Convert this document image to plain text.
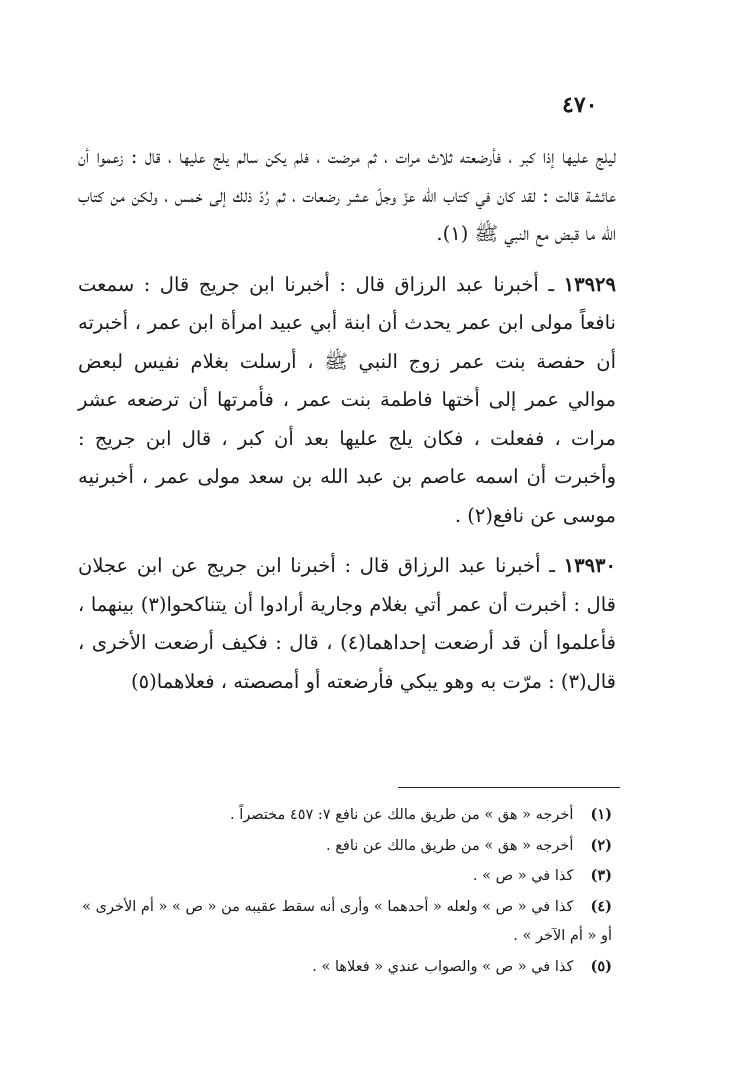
٤٧٠

ليلج عليها إذا كبر ، فأرضعته ثلاث مرات ، ثم مرضت ، فلم يكن سالم يلج عليها ، قال : زعموا أن عائشة قالت : لقد كان في كتاب الله عزّ وجلّ عشر رضعات ، ثم رُدّ ذلك إلى خمس ، ولكن من كتاب الله ما قبض مع النبي ﷺ (١).

١٣٩٢٩ ـ أخبرنا عبد الرزاق قال : أخبرنا ابن جريج قال : سمعت نافعاً مولى ابن عمر يحدث أن ابنة أبي عبيد امرأة ابن عمر ، أخبرته أن حفصة بنت عمر زوج النبي ﷺ ، أرسلت بغلام نفيس لبعض موالي عمر إلى أختها فاطمة بنت عمر ، فأمرتها أن ترضعه عشر مرات ، ففعلت ، فكان يلج عليها بعد أن كبر ، قال ابن جريج : وأخبرت أن اسمه عاصم بن عبد الله بن سعد مولى عمر ، أخبرنيه موسى عن نافع(٢) .

١٣٩٣٠ ـ أخبرنا عبد الرزاق قال : أخبرنا ابن جريج عن ابن عجلان قال : أخبرت أن عمر أتي بغلام وجارية أرادوا أن يتناكحوا(٣) بينهما ، فأعلموا أن قد أرضعت إحداهما(٤) ، قال : فكيف أرضعت الأخرى ، قال(٣) : مرّت به وهو يبكي فأرضعته أو أمصصته ، فعلاهما(٥)

(١) أخرجه « هق » من طريق مالك عن نافع ٧: ٤٥٧ مختصراً .

(٢) أخرجه « هق » من طريق مالك عن نافع .

(٣) كذا في « ص » .

(٤) كذا في « ص » ولعله « أحدهما » وأرى أنه سقط عقيبه من « ص » « أم الأخرى » أو « أم الآخر » .

(٥) كذا في « ص » والصواب عندي « فعلاها » .
